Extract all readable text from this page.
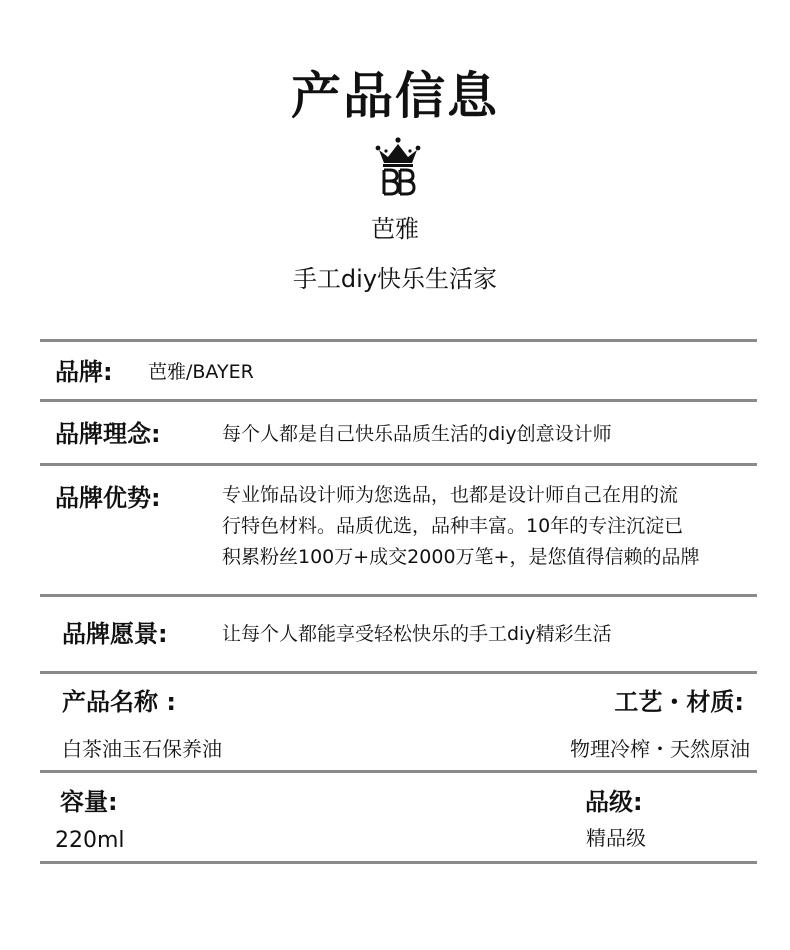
产品信息
芭雅
手工diy快乐生活家
品牌: 芭雅/BAYER
品牌理念:	每个人都是自己快乐品质生活的diy创意设计师
品牌优势:	专业饰品设计师为您选品，也都是设计师自己在用的流
行特色材料。品质优选，品种丰富。10年的专注沉淀已
积累粉丝100万+成交2000万笔+，是您值得信赖的品牌
品牌愿景:	让每个人都能享受轻松快乐的手工diy精彩生活
产品名称 :	工艺・材质:
白茶油玉石保养油	物理冷榨・天然原油
容量:	品级:
220ml	精品级
